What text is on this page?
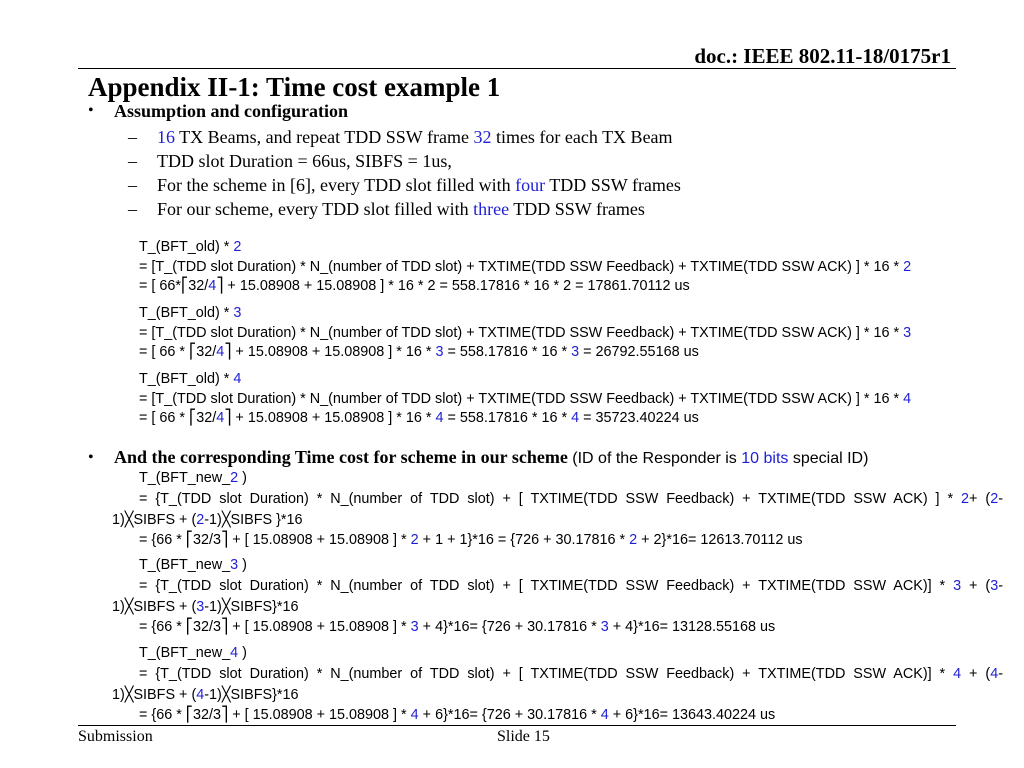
doc.: IEEE 802.11-18/0175r1
Appendix II-1: Time cost example 1
• Assumption and configuration
– 16 TX Beams, and repeat TDD SSW frame 32 times for each TX Beam
– TDD slot Duration = 66us, SIBFS = 1us,
– For the scheme in [6], every TDD slot filled with four TDD SSW frames
– For our scheme, every TDD slot filled with three TDD SSW frames
T_(BFT_old) * 2
= [T_(TDD slot Duration) * N_(number of TDD slot) + TXTIME(TDD SSW Feedback) + TXTIME(TDD SSW ACK) ] * 16 * 2
= [ 66*⎡32/4⎤ + 15.08908 + 15.08908 ] * 16 * 2 = 558.17816 * 16 * 2 = 17861.70112 us
T_(BFT_old) * 3
= [T_(TDD slot Duration) * N_(number of TDD slot) + TXTIME(TDD SSW Feedback) + TXTIME(TDD SSW ACK) ] * 16 * 3
= [ 66 * ⎡32/4⎤ + 15.08908 + 15.08908 ] * 16 * 3 = 558.17816 * 16 * 3 = 26792.55168 us
T_(BFT_old) * 4
= [T_(TDD slot Duration) * N_(number of TDD slot) + TXTIME(TDD SSW Feedback) + TXTIME(TDD SSW ACK) ] * 16 * 4
= [ 66 * ⎡32/4⎤ + 15.08908 + 15.08908 ] * 16 * 4 = 558.17816 * 16 * 4 = 35723.40224 us
• And the corresponding Time cost for scheme in our scheme (ID of the Responder is 10 bits special ID)
T_(BFT_new_2 )
= {T_(TDD slot Duration) * N_(number of TDD slot) + [ TXTIME(TDD SSW Feedback) + TXTIME(TDD SSW ACK) ] * 2+ (2-
1)╳SIBFS + (2-1)╳SIBFS }*16
= {66 * ⎡32/3⎤ + [ 15.08908 + 15.08908 ] * 2 + 1 + 1}*16 = {726 + 30.17816 * 2 + 2}*16= 12613.70112 us
T_(BFT_new_3 )
= {T_(TDD slot Duration) * N_(number of TDD slot) + [ TXTIME(TDD SSW Feedback) + TXTIME(TDD SSW ACK)] * 3 + (3-
1)╳SIBFS + (3-1)╳SIBFS}*16
= {66 * ⎡32/3⎤ + [ 15.08908 + 15.08908 ] * 3 + 4}*16= {726 + 30.17816 * 3 + 4}*16= 13128.55168 us
T_(BFT_new_4 )
= {T_(TDD slot Duration) * N_(number of TDD slot) + [ TXTIME(TDD SSW Feedback) + TXTIME(TDD SSW ACK)] * 4 + (4-
1)╳SIBFS + (4-1)╳SIBFS}*16
= {66 * ⎡32/3⎤ + [ 15.08908 + 15.08908 ] * 4 + 6}*16= {726 + 30.17816 * 4 + 6}*16= 13643.40224 us
Submission	Slide 15
